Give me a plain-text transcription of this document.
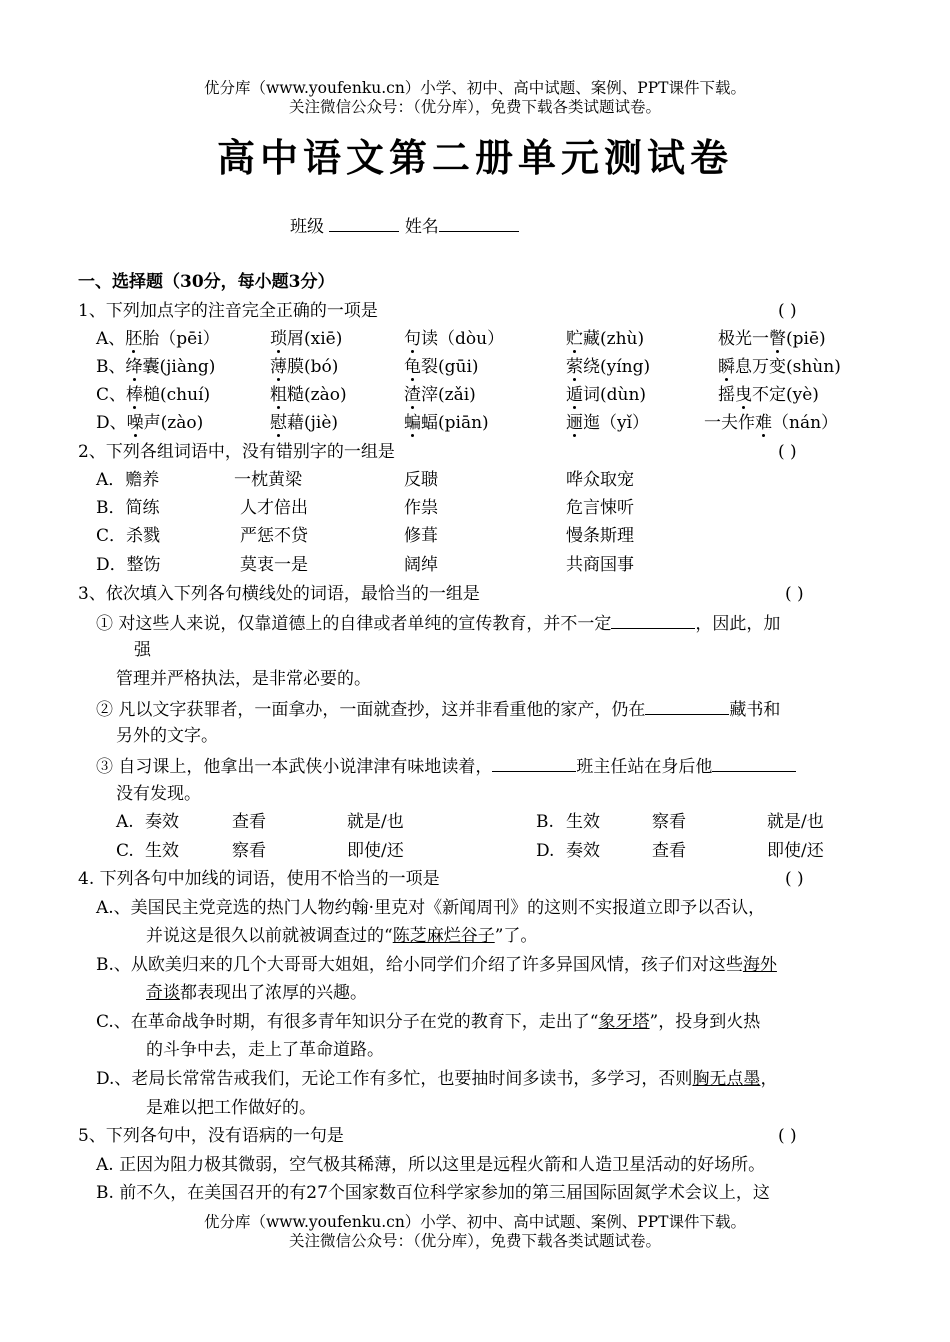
优分库（www.youfenku.cn）小学、初中、高中试题、案例、PPT课件下载。
关注微信公众号：（优分库），免费下载各类试题试卷。
高中语文第二册单元测试卷
班级	姓名
一、选择题（30分，每小题3分）
1、下列加点字的注音完全正确的一项是	( )
A、胚胎（pēi）	琐屑(xiē)	句读（dòu）	贮藏(zhù)	极光一瞥(piē)
B、绛囊(jiàng)	薄膜(bó)	龟裂(gūi)	萦绕(yíng)	瞬息万变(shùn)
C、棒槌(chuí)	粗糙(zào)	渣滓(zǎi)	遁词(dùn)	摇曳不定(yè)
D、噪声(zào)	慰藉(jiè)	蝙蝠(piān)	逦迤（yǐ）	一夫作难（nán）
2、下列各组词语中，没有错别字的一组是	( )
A．赡养	一枕黄梁	反聩	哗众取宠
B．简练	人才倍出	作祟	危言悚听
C．杀戮	严惩不贷	修葺	慢条斯理
D．整饬	莫衷一是	阔绰	共商国事
3、依次填入下列各句横线处的词语，最恰当的一组是	( )
① 对这些人来说，仅靠道德上的自律或者单纯的宣传教育，并不一定	，因此，加
强
管理并严格执法，是非常必要的。
② 凡以文字获罪者，一面拿办，一面就查抄，这并非看重他的家产，仍在	藏书和
另外的文字。
③ 自习课上，他拿出一本武侠小说津津有味地读着，	班主任站在身后他
没有发现。
A. 奏效	查看	就是/也	B. 生效	察看	就是/也
C. 生效	察看	即使/还	D. 奏效	查看	即使/还
4. 下列各句中加线的词语，使用不恰当的一项是	( )
A.、美国民主党竞选的热门人物约翰·里克对《新闻周刊》的这则不实报道立即予以否认，
并说这是很久以前就被调查过的“陈芝麻烂谷子”了。
B.、从欧美归来的几个大哥哥大姐姐，给小同学们介绍了许多异国风情，孩子们对这些海外
奇谈都表现出了浓厚的兴趣。
C.、在革命战争时期，有很多青年知识分子在党的教育下，走出了“象牙塔”，投身到火热
的斗争中去，走上了革命道路。
D.、老局长常常告戒我们，无论工作有多忙，也要抽时间多读书，多学习，否则胸无点墨，
是难以把工作做好的。
5、下列各句中，没有语病的一句是	( )
A. 正因为阻力极其微弱，空气极其稀薄，所以这里是远程火箭和人造卫星活动的好场所。
B. 前不久，在美国召开的有27个国家数百位科学家参加的第三届国际固氮学术会议上，这
优分库（www.youfenku.cn）小学、初中、高中试题、案例、PPT课件下载。
关注微信公众号：（优分库），免费下载各类试题试卷。
